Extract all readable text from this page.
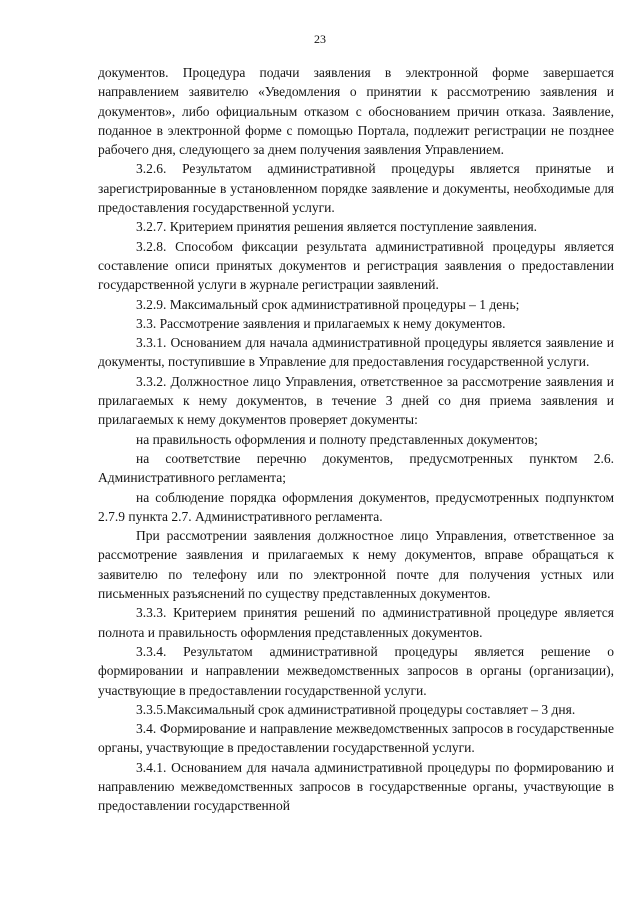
23

документов. Процедура подачи заявления в электронной форме завершается направлением заявителю «Уведомления о принятии к рассмотрению заявления и документов», либо официальным отказом с обоснованием причин отказа. Заявление, поданное в электронной форме с помощью Портала, подлежит регистрации не позднее рабочего дня, следующего за днем получения заявления Управлением.

3.2.6. Результатом административной процедуры является принятые и зарегистрированные в установленном порядке заявление и документы, необходимые для предоставления государственной услуги.

3.2.7. Критерием принятия решения является поступление заявления.

3.2.8. Способом фиксации результата административной процедуры является составление описи принятых документов и регистрация заявления о предоставлении государственной услуги в журнале регистрации заявлений.

3.2.9. Максимальный срок административной процедуры – 1 день;

3.3. Рассмотрение заявления и прилагаемых к нему документов.

3.3.1. Основанием для начала административной процедуры является заявление и документы, поступившие в Управление для предоставления государственной услуги.

3.3.2. Должностное лицо Управления, ответственное за рассмотрение заявления и прилагаемых к нему документов, в течение 3 дней со дня приема заявления и прилагаемых к нему документов проверяет документы:

на правильность оформления и полноту представленных документов;

на соответствие перечню документов, предусмотренных пунктом 2.6. Административного регламента;

на соблюдение порядка оформления документов, предусмотренных подпунктом 2.7.9 пункта 2.7. Административного регламента.

При рассмотрении заявления должностное лицо Управления, ответственное за рассмотрение заявления и прилагаемых к нему документов, вправе обращаться к заявителю по телефону или по электронной почте для получения устных или письменных разъяснений по существу представленных документов.

3.3.3. Критерием принятия решений по административной процедуре является полнота и правильность оформления представленных документов.

3.3.4. Результатом административной процедуры является решение о формировании и направлении межведомственных запросов в органы (организации), участвующие в предоставлении государственной услуги.

3.3.5.Максимальный срок административной процедуры составляет – 3 дня.

3.4. Формирование и направление межведомственных запросов в государственные органы, участвующие в предоставлении государственной услуги.

3.4.1. Основанием для начала административной процедуры по формированию и направлению межведомственных запросов в государственные органы, участвующие в предоставлении государственной
